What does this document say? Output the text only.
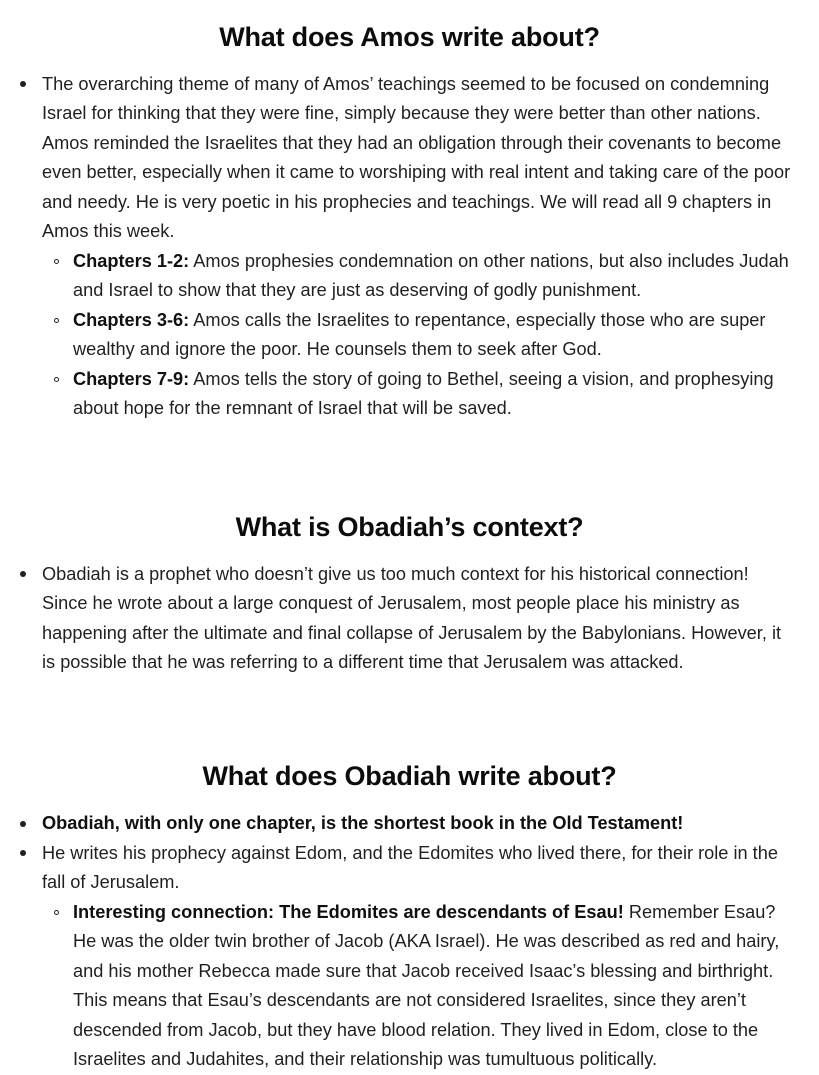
What does Amos write about?
The overarching theme of many of Amos’ teachings seemed to be focused on condemning Israel for thinking that they were fine, simply because they were better than other nations. Amos reminded the Israelites that they had an obligation through their covenants to become even better, especially when it came to worshiping with real intent and taking care of the poor and needy. He is very poetic in his prophecies and teachings. We will read all 9 chapters in Amos this week.
Chapters 1-2: Amos prophesies condemnation on other nations, but also includes Judah and Israel to show that they are just as deserving of godly punishment.
Chapters 3-6: Amos calls the Israelites to repentance, especially those who are super wealthy and ignore the poor. He counsels them to seek after God.
Chapters 7-9: Amos tells the story of going to Bethel, seeing a vision, and prophesying about hope for the remnant of Israel that will be saved.
What is Obadiah’s context?
Obadiah is a prophet who doesn’t give us too much context for his historical connection! Since he wrote about a large conquest of Jerusalem, most people place his ministry as happening after the ultimate and final collapse of Jerusalem by the Babylonians. However, it is possible that he was referring to a different time that Jerusalem was attacked.
What does Obadiah write about?
Obadiah, with only one chapter, is the shortest book in the Old Testament!
He writes his prophecy against Edom, and the Edomites who lived there, for their role in the fall of Jerusalem.
Interesting connection: The Edomites are descendants of Esau! Remember Esau? He was the older twin brother of Jacob (AKA Israel). He was described as red and hairy, and his mother Rebecca made sure that Jacob received Isaac’s blessing and birthright. This means that Esau’s descendants are not considered Israelites, since they aren’t descended from Jacob, but they have blood relation. They lived in Edom, close to the Israelites and Judahites, and their relationship was tumultuous politically.
